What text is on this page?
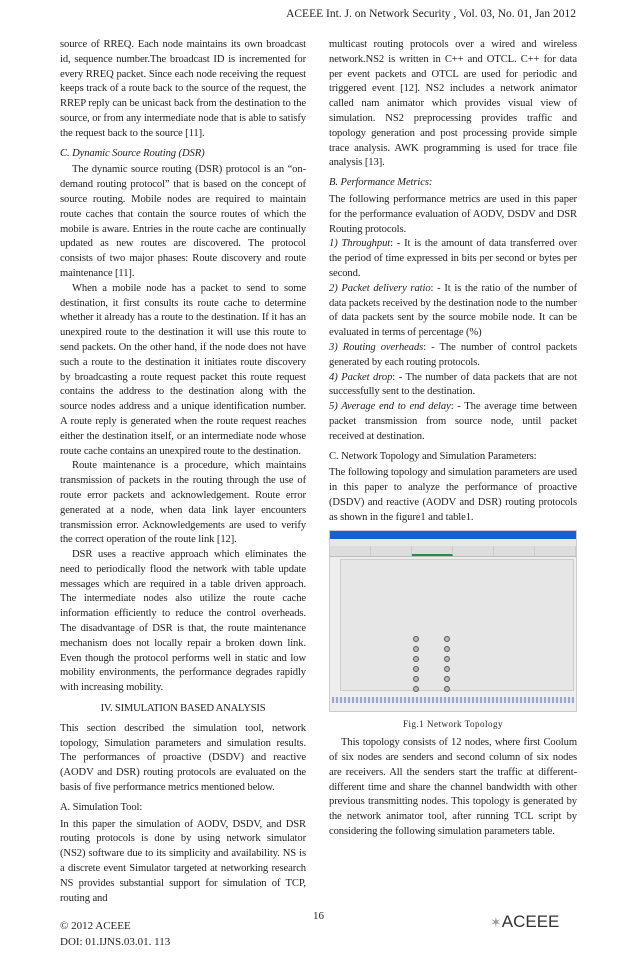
ACEEE Int. J. on Network Security , Vol. 03, No. 01, Jan 2012

source of RREQ. Each node maintains its own broadcast id, sequence number.The broadcast ID is incremented for every RREQ packet. Since each node receiving the request keeps track of a route back to the source of the request, the RREP reply can be unicast back from the destination to the source, or from any intermediate node that is able to satisfy the request back to the source [11].

C. Dynamic Source Routing (DSR)

The dynamic source routing (DSR) protocol is an “on-demand routing protocol” that is based on the concept of source routing. Mobile nodes are required to maintain route caches that contain the source routes of which the mobile is aware. Entries in the route cache are continually updated as new routes are discovered. The protocol consists of two major phases: Route discovery and route maintenance [11].

When a mobile node has a packet to send to some destination, it first consults its route cache to determine whether it already has a route to the destination. If it has an unexpired route to the destination it will use this route to send packets. On the other hand, if the node does not have such a route to the destination it initiates route discovery by broadcasting a route request packet this route request contains the address to the destination along with the source nodes address and a unique identification number. A route reply is generated when the route request reaches either the destination itself, or an intermediate node whose route cache contains an unexpired route to the destination.

Route maintenance is a procedure, which maintains transmission of packets in the routing through the use of route error packets and acknowledgement. Route error generated at a node, when data link layer encounters transmission error. Acknowledgements are used to verify the correct operation of the route link [12].

DSR uses a reactive approach which eliminates the need to periodically flood the network with table update messages which are required in a table driven approach. The intermediate nodes also utilize the route cache information efficiently to reduce the control overheads. The disadvantage of DSR is that, the route maintenance mechanism does not locally repair a broken down link. Even though the protocol performs well in static and low mobility environments, the performance degrades rapidly with increasing mobility.

IV. SIMULATION BASED ANALYSIS

This section described the simulation tool, network topology, Simulation parameters and simulation results. The performances of proactive (DSDV) and reactive (AODV and DSR) routing protocols are evaluated on the basis of five performance metrics mentioned below.

A. Simulation Tool:

In this paper the simulation of AODV, DSDV, and DSR routing protocols is done by using network simulator (NS2) software due to its simplicity and availability. NS is a discrete event Simulator targeted at networking research NS provides substantial support for simulation of TCP, routing and

multicast routing protocols over a wired and wireless network.NS2 is written in C++ and OTCL. C++ for data per event packets and OTCL are used for periodic and triggered event [12]. NS2 includes a network animator called nam animator which provides visual view of simulation. NS2 preprocessing provides traffic and topology generation and post processing provide simple trace analysis. AWK programming is used for trace file analysis [13].

B. Performance Metrics:

The following performance metrics are used in this paper for the performance evaluation of AODV, DSDV and DSR Routing protocols.

1) Throughput: - It is the amount of data transferred over the period of time expressed in bits per second or bytes per second.

2) Packet delivery ratio: - It is the ratio of the number of data packets received by the destination node to the number of data packets sent by the source mobile node. It can be evaluated in terms of percentage (%)

3) Routing overheads: - The number of control packets generated by each routing protocols.

4) Packet drop: - The number of data packets that are not successfully sent to the destination.

5) Average end to end delay: - The average time between packet transmission from source node, until packet received at destination.

C. Network Topology and Simulation Parameters:

The following topology and simulation parameters are used in this paper to analyze the performance of proactive (DSDV) and reactive (AODV and DSR) routing protocols as shown in the figure1 and table1.

Fig.1 Network Topology

This topology consists of 12 nodes, where first Coolum of six nodes are senders and second column of six nodes are receivers. All the senders start the traffic at different-different time and share the channel bandwidth with other previous transmitting nodes. This topology is generated by the network animator tool, after running TCL script by considering the following simulation parameters table.

© 2012 ACEEE
DOI: 01.IJNS.03.01. 113
16	✶ACEEE
